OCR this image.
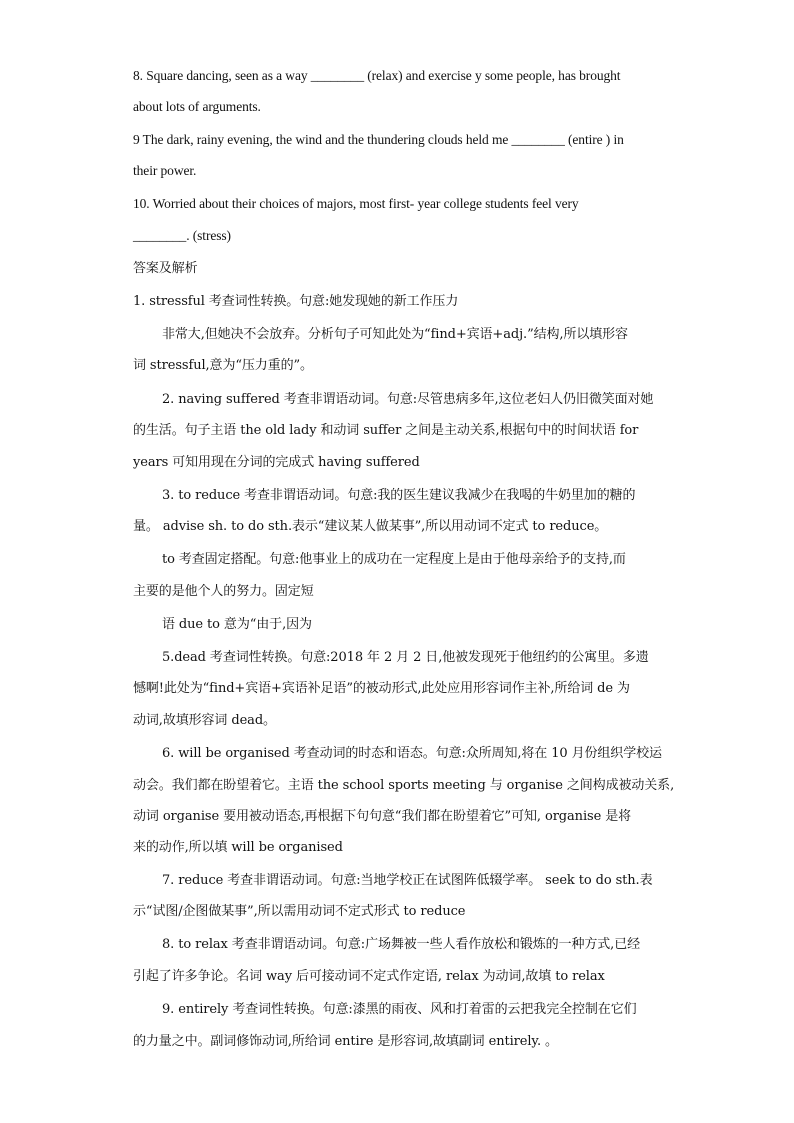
8. Square dancing, seen as a way ________ (relax) and exercise y some people, has brought
about lots of arguments.
9 The dark, rainy evening, the wind and the thundering clouds held me ________ (entire ) in
their power.
10. Worried about their choices of majors, most first- year college students feel very
________. (stress)
答案及解析
1. stressful 考查词性转换。句意:她发现她的新工作压力
非常大,但她决不会放弃。分析句子可知此处为“find+宾语+adj.”结构,所以填形容
词 stressful,意为“压力重的”。
2. naving suffered 考查非谓语动词。句意:尽管患病多年,这位老妇人仍旧微笑面对她
的生活。句子主语 the old lady 和动词 suffer 之间是主动关系,根据句中的时间状语 for
years 可知用现在分词的完成式 having suffered
3. to reduce 考查非谓语动词。句意:我的医生建议我减少在我喝的牛奶里加的糖的
量。 advise sh. to do sth.表示“建议某人做某事”,所以用动词不定式 to reduce。
to 考查固定搭配。句意:他事业上的成功在一定程度上是由于他母亲给予的支持,而
主要的是他个人的努力。固定短
语 due to 意为“由于,因为
5.dead 考查词性转换。句意:2018 年 2 月 2 日,他被发现死于他纽约的公寓里。多遗
憾啊!此处为“find+宾语+宾语补足语”的被动形式,此处应用形容词作主补,所给词 de 为
动词,故填形容词 dead。
6. will be organised 考查动词的时态和语态。句意:众所周知,将在 10 月份组织学校运
动会。我们都在盼望着它。主语 the school sports meeting 与 organise 之间构成被动关系,
动词 organise 要用被动语态,再根据下句句意“我们都在盼望着它”可知, organise 是将
来的动作,所以填 will be organised
7. reduce 考查非谓语动词。句意:当地学校正在试图阵低辍学率。 seek to do sth.表
示“试图/企图做某事”,所以需用动词不定式形式 to reduce
8. to relax 考查非谓语动词。句意:广场舞被一些人看作放松和锻炼的一种方式,已经
引起了许多争论。名词 way 后可接动词不定式作定语, relax 为动词,故填 to relax
9. entirely 考查词性转换。句意:漆黑的雨夜、风和打着雷的云把我完全控制在它们
的力量之中。副词修饰动词,所给词 entire 是形容词,故填副词 entirely. 。
